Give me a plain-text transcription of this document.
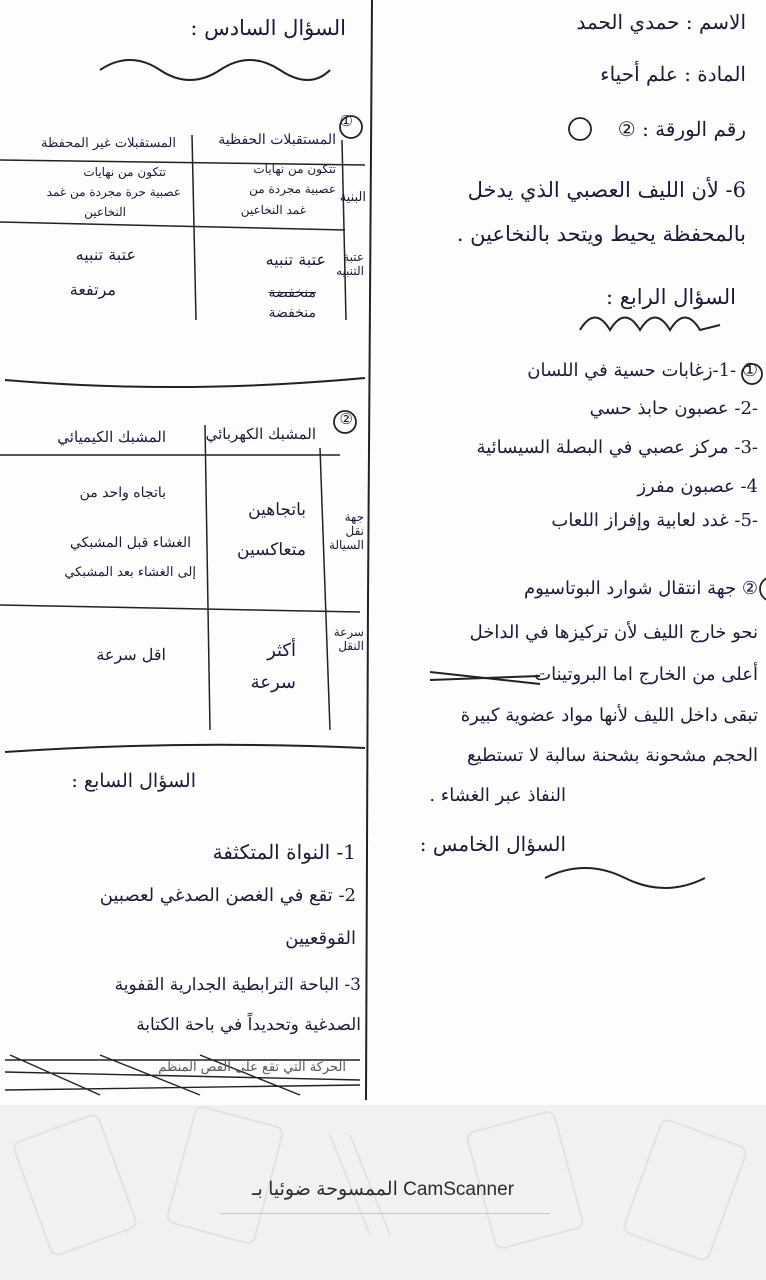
الاسم : حمدي الحمد
المادة : علم أحياء
رقم الورقة : ②
6- لأن الليف العصبي الذي يدخل
بالمحفظة يحيط ويتحد بالنخاعين .
السؤال الرابع :
① -1-زغابات حسية في اللسان
-2- عصبون حابذ حسي
-3- مركز عصبي في البصلة السيسائية
4- عصبون مفرز
-5- غدد لعابية وإفراز اللعاب
② جهة انتقال شوارد البوتاسيوم
نحو خارج الليف لأن تركيزها في الداخل
أعلى من الخارج اما البروتينات
تبقى داخل الليف لأنها مواد عضوية كبيرة
الحجم مشحونة بشحنة سالبة لا تستطيع
النفاذ عبر الغشاء .
السؤال الخامس :
السؤال السادس :
①
المستقبلات الحفظية
المستقبلات غير المحفظة
البنية
تتكون من نهايات
عصبية مجردة من
غمد النخاعين
تتكون من نهايات
عصبية حرة مجردة من غمد
النخاعين
عتبة التنبيه
عتبة تنبيه
منخفضة
منخفضة
عتبة تنبيه
مرتفعة
②
المشبك الكهربائي
المشبك الكيميائي
جهة نقل السيالة
باتجاهين
متعاكسين
باتجاه واحد من
الغشاء قبل المشبكي
إلى الغشاء بعد المشبكي
سرعة النقل
أكثر
سرعة
اقل سرعة
السؤال السابع :
1- النواة المتكثفة
2- تقع في الغصن الصدغي لعصبين
القوقعيين
3- الباحة الترابطية الجدارية القفوية
الصدغية وتحديداً في باحة الكتابة
الحركة التي تقع على الفص المنظم
الممسوحة ضوئيا بـ CamScanner
